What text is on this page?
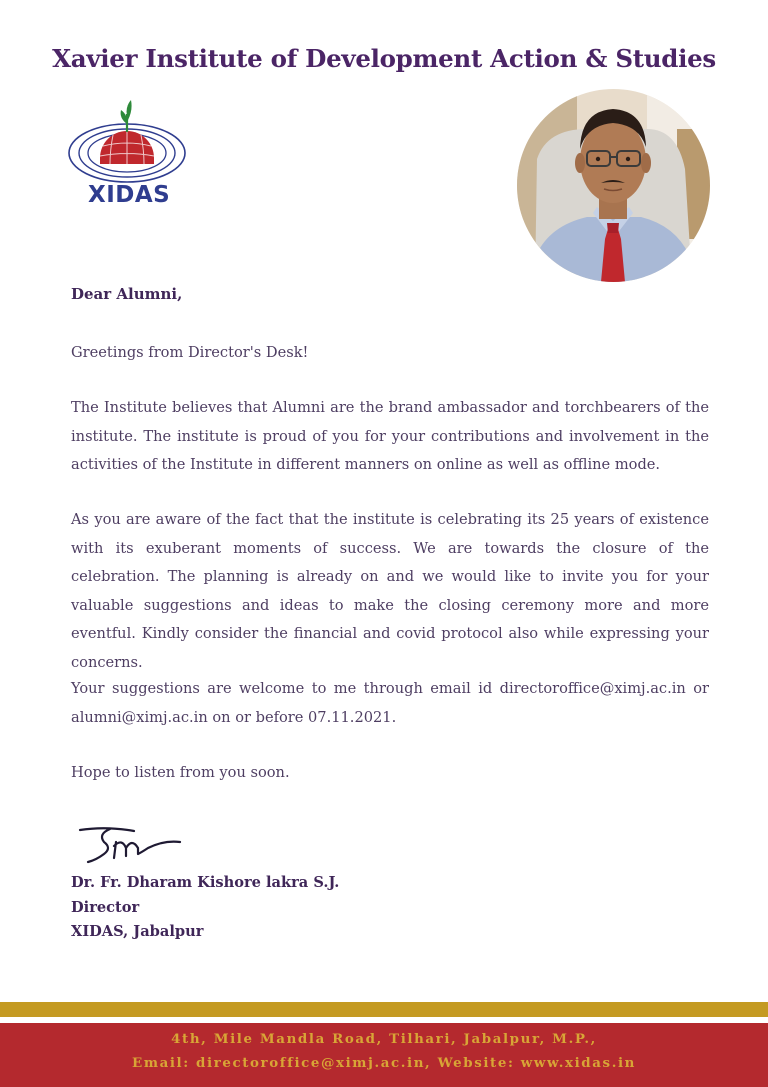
Xavier Institute of Development Action & Studies
XIDAS
Dear Alumni,
Greetings from Director's Desk!
The Institute believes that Alumni are the brand ambassador and torchbearers of the institute. The institute is proud of you for your contributions and involvement in the activities of the Institute in different manners on online as well as offline mode.
As you are aware of the fact that the institute is celebrating its 25 years of existence with its exuberant moments of success. We are towards the closure of the celebration. The planning is already on and we would like to invite you for your valuable suggestions and ideas to make the closing ceremony more and more eventful. Kindly consider the financial and covid protocol also while expressing your concerns.
Your suggestions are welcome to me through email id directoroffice@ximj.ac.in or alumni@ximj.ac.in on or before 07.11.2021.
Hope to listen from you soon.
Dr. Fr. Dharam Kishore lakra S.J.
Director
XIDAS, Jabalpur
4th, Mile Mandla Road, Tilhari, Jabalpur, M.P.,
Email: directoroffice@ximj.ac.in, Website: www.xidas.in
